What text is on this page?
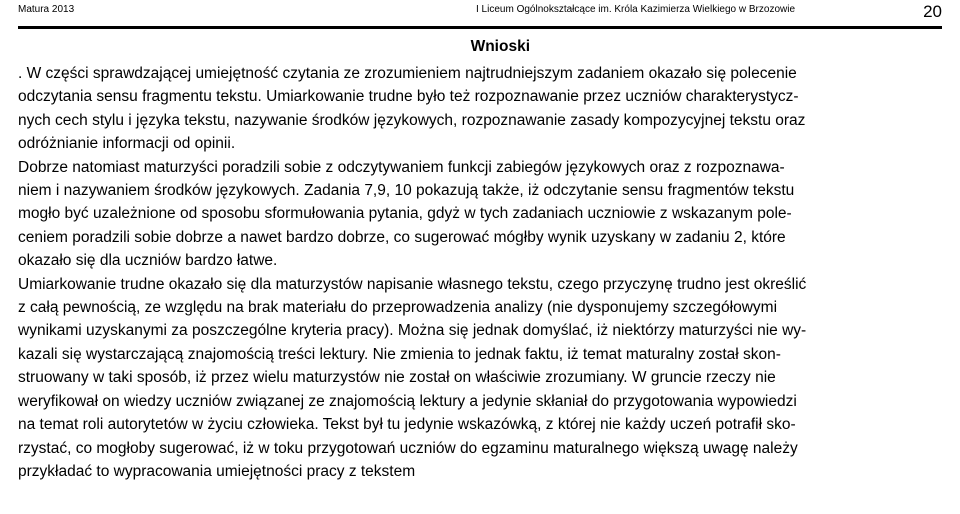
Matura 2013	I Liceum Ogólnokształcące im. Króla Kazimierza Wielkiego w Brzozowie	20
Wnioski

. W części sprawdzającej umiejętność czytania ze zrozumieniem najtrudniejszym zadaniem okazało się polecenie
odczytania sensu fragmentu tekstu. Umiarkowanie trudne było też rozpoznawanie przez uczniów charakterystycz-
nych cech stylu i języka tekstu, nazywanie środków językowych, rozpoznawanie zasady kompozycyjnej tekstu oraz
odróżnianie informacji od opinii.

Dobrze natomiast maturzyści poradzili sobie z odczytywaniem funkcji zabiegów językowych oraz z rozpoznawa-
niem i nazywaniem środków językowych. Zadania 7,9, 10 pokazują także, iż odczytanie sensu fragmentów tekstu
mogło być uzależnione od sposobu sformułowania pytania, gdyż w tych zadaniach uczniowie z wskazanym pole-
ceniem poradzili sobie dobrze a nawet bardzo dobrze, co sugerować mógłby wynik uzyskany w zadaniu 2, które
okazało się dla uczniów bardzo łatwe.

Umiarkowanie trudne okazało się dla maturzystów napisanie własnego tekstu, czego przyczynę trudno jest określić
z całą pewnością, ze względu na brak materiału do przeprowadzenia analizy (nie dysponujemy szczegółowymi
wynikami uzyskanymi za poszczególne kryteria pracy). Można się jednak domyślać, iż niektórzy maturzyści nie wy-
kazali się wystarczającą znajomością treści lektury. Nie zmienia to jednak faktu, iż temat maturalny został skon-
struowany w taki sposób, iż przez wielu maturzystów nie został on właściwie zrozumiany. W gruncie rzeczy nie
weryfikował on wiedzy uczniów związanej ze znajomością lektury a jedynie skłaniał do przygotowania wypowiedzi
na temat roli autorytetów w życiu człowieka. Tekst był tu jedynie wskazówką, z której nie każdy uczeń potrafił sko-
rzystać, co mogłoby sugerować, iż w toku przygotowań uczniów do egzaminu maturalnego większą uwagę należy
przykładać to wypracowania umiejętności pracy z tekstem
